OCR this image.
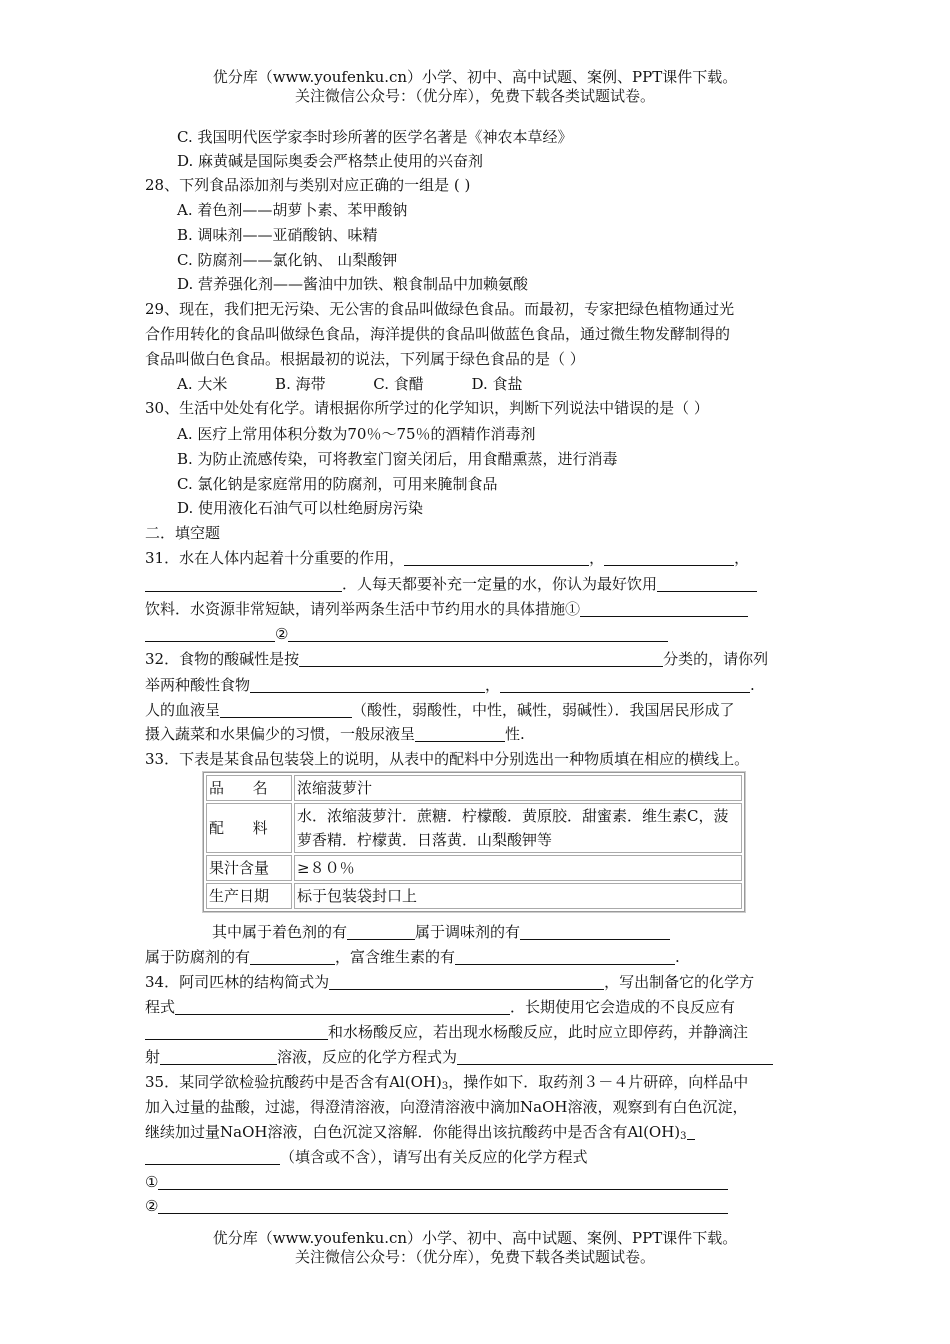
优分库（www.youfenku.cn）小学、初中、高中试题、案例、PPT课件下载。
关注微信公众号：（优分库），免费下载各类试题试卷。
C. 我国明代医学家李时珍所著的医学名著是《神农本草经》
D. 麻黄碱是国际奥委会严格禁止使用的兴奋剂
28、下列食品添加剂与类别对应正确的一组是 ( )
A. 着色剂——胡萝卜素、苯甲酸钠
B. 调味剂——亚硝酸钠、味精
C. 防腐剂——氯化钠、 山梨酸钾
D. 营养强化剂——酱油中加铁、粮食制品中加赖氨酸
29、现在，我们把无污染、无公害的食品叫做绿色食品。而最初，专家把绿色植物通过光
合作用转化的食品叫做绿色食品，海洋提供的食品叫做蓝色食品，通过微生物发酵制得的
食品叫做白色食品。根据最初的说法，下列属于绿色食品的是（ ）
A. 大米          B. 海带          C. 食醋          D. 食盐
30、生活中处处有化学。请根据你所学过的化学知识，判断下列说法中错误的是（ ）
A. 医疗上常用体积分数为70％～75％的酒精作消毒剂
B. 为防止流感传染，可将教室门窗关闭后，用食醋熏蒸，进行消毒
C. 氯化钠是家庭常用的防腐剂，可用来腌制食品
D. 使用液化石油气可以杜绝厨房污染
二．填空题
31．水在人体内起着十分重要的作用，	，	，
．人每天都要补充一定量的水，你认为最好饮用
饮料．水资源非常短缺，请列举两条生活中节约用水的具体措施①
②
32．食物的酸碱性是按	分类的，请你列
举两种酸性食物	，	.
人的血液呈	（酸性，弱酸性，中性，碱性，弱碱性）．我国居民形成了
摄入蔬菜和水果偏少的习惯，一般尿液呈	性.
33．下表是某食品包装袋上的说明，从表中的配料中分别选出一种物质填在相应的横线上。
品      名	浓缩菠萝汁
配      料	水．浓缩菠萝汁．蔗糖．柠檬酸．黄原胶．甜蜜素．维生素C，菠萝香精．柠檬黄．日落黄．山梨酸钾等
果汁含量	≥８０％
生产日期	标于包装袋封口上
其中属于着色剂的有	属于调味剂的有
属于防腐剂的有	，富含维生素的有	.
34．阿司匹林的结构简式为	，写出制备它的化学方
程式	．长期使用它会造成的不良反应有
和水杨酸反应，若出现水杨酸反应，此时应立即停药，并静滴注
射	溶液，反应的化学方程式为
35．某同学欲检验抗酸药中是否含有$Al(OH)_3$，操作如下．取药剂３－４片研碎，向样品中
加入过量的盐酸，过滤，得澄清溶液，向澄清溶液中滴加NaOH溶液，观察到有白色沉淀，
继续加过量NaOH溶液，白色沉淀又溶解．你能得出该抗酸药中是否含有$Al(OH)_3$
（填含或不含），请写出有关反应的化学方程式
①
②
优分库（www.youfenku.cn）小学、初中、高中试题、案例、PPT课件下载。
关注微信公众号：（优分库），免费下载各类试题试卷。
